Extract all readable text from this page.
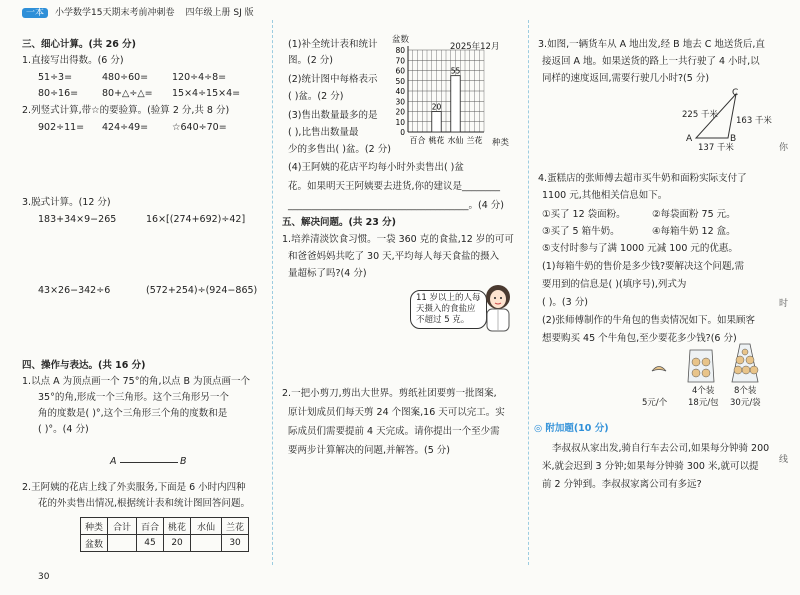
一本 小学数学15天期末考前冲刺卷 四年级上册 SJ 版
三、细心计算。(共 26 分)
1.直接写出得数。(6 分)
51÷3=	480÷60=	120÷4÷8=
80÷16=	80+△÷△= 15×4÷15×4=
2.列竖式计算,带☆的要验算。(验算 2 分,共 8 分)
902÷11= 424÷49=	☆640÷70=
3.脱式计算。(12 分)
183+34×9−265	16×[(274+692)÷42]
43×26−342÷6	(572+254)÷(924−865)
四、操作与表达。(共 16 分)
1.以点 A 为顶点画一个 75°的角,以点 B 为顶点画一个
35°的角,形成一个三角形。这个三角形另一个
角的度数是( )°,这个三角形三个角的度数和是
( )°。(4 分)
A	B
2.王阿姨的花店上线了外卖服务,下面是 6 小时内四种
花的外卖售出情况,根据统计表和统计图回答问题。
种类	合计	百合	桃花	水仙	兰花
盆数		45	20		30
30
(1)补全统计表和统计
图。(2 分)
(2)统计图中每格表示
( )盆。(2 分)
(3)售出数量最多的是
( ),比售出数量最
少的多售出( )盆。(2 分)
(4)王阿姨的花店平均每小时外卖售出( )盆
花。如果明天王阿姨要去进货,你的建议是________
______________________________________。(4 分)
盆数
2025年12月
20
55
0
10
20
30
40
50
60
70
80
百合 桃花 水仙 兰花 种类
五、解决问题。(共 23 分)
1.培养清淡饮食习惯。一袋 360 克的食盐,12 岁的可可
和爸爸妈妈共吃了 30 天,平均每人每天食盐的摄入
量超标了吗?(4 分)
11 岁以上的人每
天摄入的食盐应
不超过 5 克。
2.一把小剪刀,剪出大世界。剪纸社团要剪一批图案,
原计划成员们每天剪 24 个图案,16 天可以完工。实
际成员们需要提前 4 天完成。请你提出一个至少需
要两步计算解决的问题,并解答。(5 分)
3.如图,一辆货车从 A 地出发,经 B 地去 C 地送货后,直
接返回 A 地。如果送货的路上一共行驶了 4 小时,以
同样的速度返回,需要行驶几小时?(5 分)
C
A	B
225 千米
163 千米
137 千米
4.蛋糕店的张师傅去超市买牛奶和面粉实际支付了
1100 元,其他相关信息如下。
①买了 12 袋面粉。	②每袋面粉 75 元。
③买了 5 箱牛奶。	④每箱牛奶 12 盒。
⑤支付时参与了满 1000 元减 100 元的优惠。
(1)每箱牛奶的售价是多少钱?要解决这个问题,需
要用到的信息是( )(填序号),列式为
( )。(3 分)
(2)张师傅制作的牛角包的售卖情况如下。如果顾客
想要购买 45 个牛角包,至少要花多少钱?(6 分)
4个装 8个装
5元/个 18元/包 30元/袋
◎ 附加题(10 分)
李叔叔从家出发,骑自行车去公司,如果每分钟骑 200
米,就会迟到 3 分钟;如果每分钟骑 300 米,就可以提
前 2 分钟到。李叔叔家离公司有多远?
你
时
线
